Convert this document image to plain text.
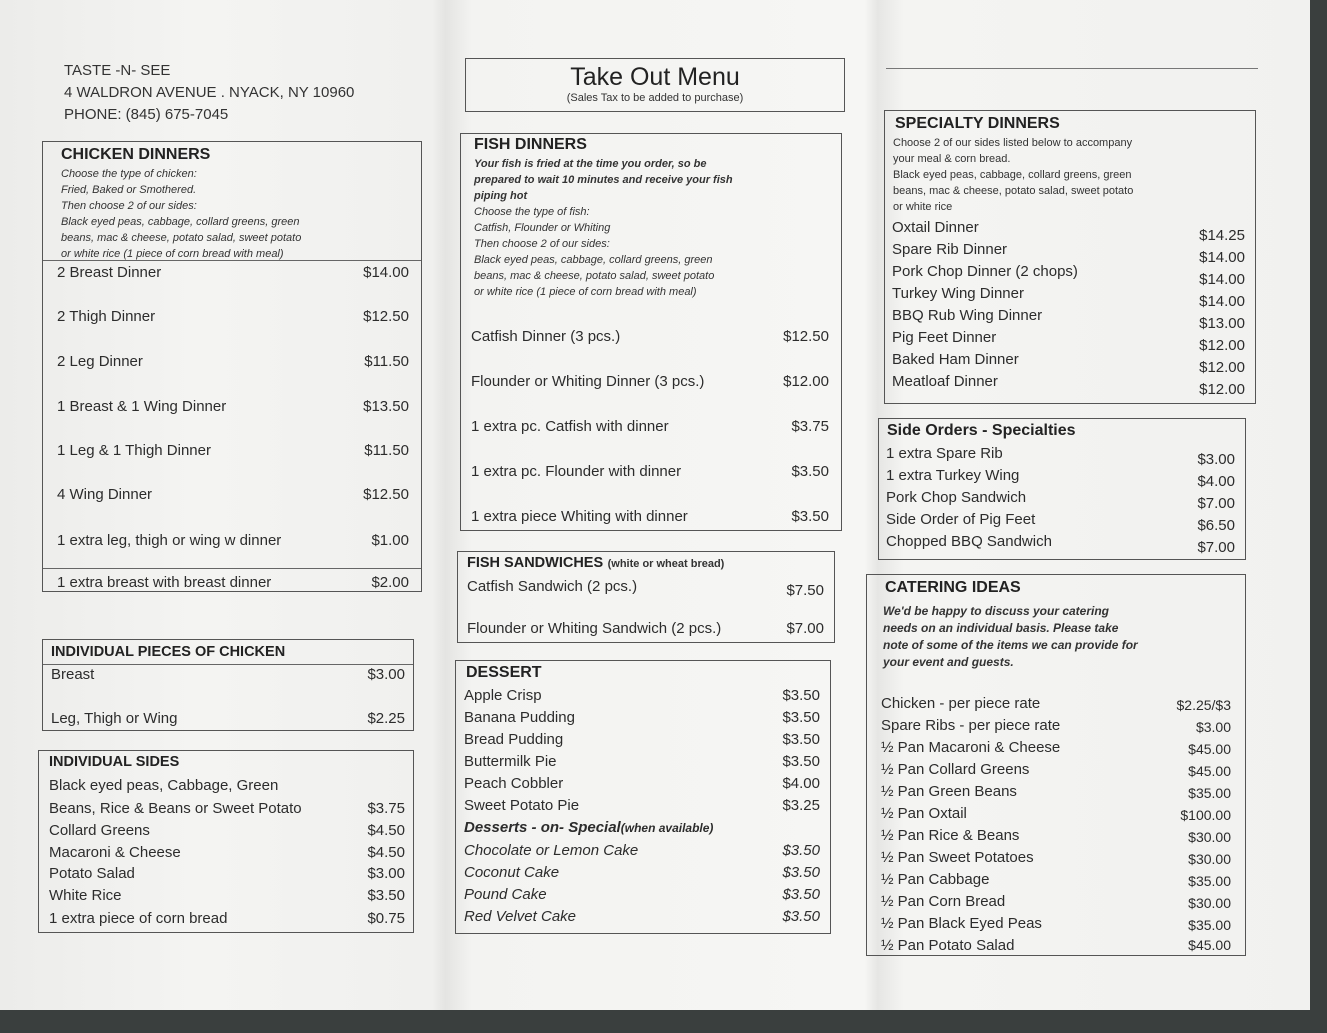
TASTE -N- SEE
4 WALDRON AVENUE . NYACK, NY 10960
PHONE: (845) 675-7045
Take Out Menu
(Sales Tax to be added to purchase)
CHICKEN DINNERS
Choose the type of chicken:
Fried, Baked or Smothered.
Then choose 2 of our sides:
Black eyed peas, cabbage, collard greens, green
beans, mac & cheese, potato salad, sweet potato
or white rice (1 piece of corn bread with meal)
2 Breast Dinner	$14.00
2 Thigh Dinner	$12.50
2 Leg Dinner	$11.50
1 Breast & 1 Wing Dinner	$13.50
1 Leg & 1 Thigh Dinner	$11.50
4 Wing Dinner	$12.50
1 extra leg, thigh or wing w dinner	$1.00
1 extra breast with breast dinner	$2.00
INDIVIDUAL PIECES OF CHICKEN
Breast	$3.00
Leg, Thigh or Wing	$2.25
INDIVIDUAL SIDES
Black eyed peas, Cabbage, Green
Beans, Rice & Beans or Sweet Potato	$3.75
Collard Greens	$4.50
Macaroni & Cheese	$4.50
Potato Salad	$3.00
White Rice	$3.50
1 extra piece of corn bread	$0.75
FISH DINNERS
Your fish is fried at the time you order, so be
prepared to wait 10 minutes and receive your fish
piping hot
Choose the type of fish:
Catfish, Flounder or Whiting
Then choose 2 of our sides:
Black eyed peas, cabbage, collard greens, green
beans, mac & cheese, potato salad, sweet potato
or white rice (1 piece of corn bread with meal)
Catfish Dinner (3 pcs.)	$12.50
Flounder or Whiting Dinner (3 pcs.)	$12.00
1 extra pc. Catfish with dinner	$3.75
1 extra pc. Flounder with dinner	$3.50
1 extra piece Whiting with dinner	$3.50
FISH SANDWICHES (white or wheat bread)
Catfish Sandwich (2 pcs.)	$7.50
Flounder or Whiting Sandwich (2 pcs.)	$7.00
DESSERT
Apple Crisp	$3.50
Banana Pudding	$3.50
Bread Pudding	$3.50
Buttermilk Pie	$3.50
Peach Cobbler	$4.00
Sweet Potato Pie	$3.25
Desserts - on- Special(when available)
Chocolate or Lemon Cake	$3.50
Coconut Cake	$3.50
Pound Cake	$3.50
Red Velvet Cake	$3.50
SPECIALTY DINNERS
Choose 2 of our sides listed below to accompany
your meal & corn bread.
Black eyed peas, cabbage, collard greens, green
beans, mac & cheese, potato salad, sweet potato
or white rice
Oxtail Dinner	$14.25
Spare Rib Dinner	$14.00
Pork Chop Dinner (2 chops)	$14.00
Turkey Wing Dinner	$14.00
BBQ Rub Wing Dinner	$13.00
Pig Feet Dinner	$12.00
Baked Ham Dinner	$12.00
Meatloaf Dinner	$12.00
Side Orders - Specialties
1 extra Spare Rib	$3.00
1 extra Turkey Wing	$4.00
Pork Chop Sandwich	$7.00
Side Order of Pig Feet	$6.50
Chopped BBQ Sandwich	$7.00
CATERING IDEAS
We'd be happy to discuss your catering
needs on an individual basis. Please take
note of some of the items we can provide for
your event and guests.
Chicken - per piece rate	$2.25/$3
Spare Ribs - per piece rate	$3.00
½ Pan Macaroni & Cheese	$45.00
½ Pan Collard Greens	$45.00
½ Pan Green Beans	$35.00
½ Pan Oxtail	$100.00
½ Pan Rice & Beans	$30.00
½ Pan Sweet Potatoes	$30.00
½ Pan Cabbage	$35.00
½ Pan Corn Bread	$30.00
½ Pan Black Eyed Peas	$35.00
½ Pan Potato Salad	$45.00
